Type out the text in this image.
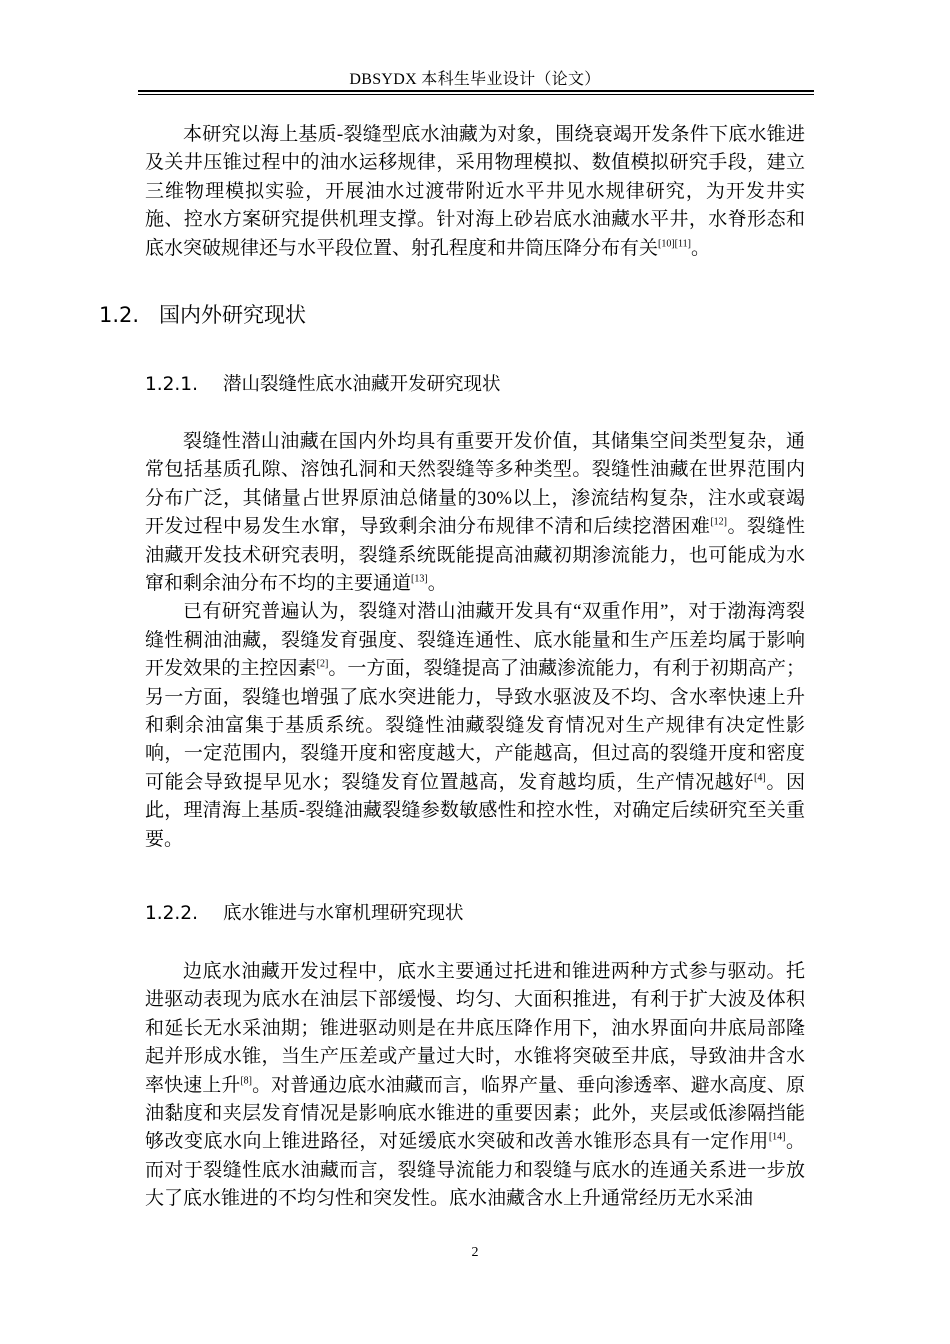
DBSYDX 本科生毕业设计（论文）

本研究以海上基质-裂缝型底水油藏为对象，围绕衰竭开发条件下底水锥进及关井压锥过程中的油水运移规律，采用物理模拟、数值模拟研究手段，建立三维物理模拟实验，开展油水过渡带附近水平井见水规律研究，为开发井实施、控水方案研究提供机理支撑。针对海上砂岩底水油藏水平井，水脊形态和底水突破规律还与水平段位置、射孔程度和井筒压降分布有关[10][11]。

1.2. 国内外研究现状
1.2.1. 潜山裂缝性底水油藏开发研究现状

裂缝性潜山油藏在国内外均具有重要开发价值，其储集空间类型复杂，通常包括基质孔隙、溶蚀孔洞和天然裂缝等多种类型。裂缝性油藏在世界范围内分布广泛，其储量占世界原油总储量的30%以上，渗流结构复杂，注水或衰竭开发过程中易发生水窜，导致剩余油分布规律不清和后续挖潜困难[12]。裂缝性油藏开发技术研究表明，裂缝系统既能提高油藏初期渗流能力，也可能成为水窜和剩余油分布不均的主要通道[13]。

已有研究普遍认为，裂缝对潜山油藏开发具有“双重作用”，对于渤海湾裂缝性稠油油藏，裂缝发育强度、裂缝连通性、底水能量和生产压差均属于影响开发效果的主控因素[2]。一方面，裂缝提高了油藏渗流能力，有利于初期高产；另一方面，裂缝也增强了底水突进能力，导致水驱波及不均、含水率快速上升和剩余油富集于基质系统。裂缝性油藏裂缝发育情况对生产规律有决定性影响，一定范围内，裂缝开度和密度越大，产能越高，但过高的裂缝开度和密度可能会导致提早见水；裂缝发育位置越高，发育越均质，生产情况越好[4]。因此，理清海上基质-裂缝油藏裂缝参数敏感性和控水性，对确定后续研究至关重要。

1.2.2. 底水锥进与水窜机理研究现状

边底水油藏开发过程中，底水主要通过托进和锥进两种方式参与驱动。托进驱动表现为底水在油层下部缓慢、均匀、大面积推进，有利于扩大波及体积和延长无水采油期；锥进驱动则是在井底压降作用下，油水界面向井底局部隆起并形成水锥，当生产压差或产量过大时，水锥将突破至井底，导致油井含水率快速上升[8]。对普通边底水油藏而言，临界产量、垂向渗透率、避水高度、原油黏度和夹层发育情况是影响底水锥进的重要因素；此外，夹层或低渗隔挡能够改变底水向上锥进路径，对延缓底水突破和改善水锥形态具有一定作用[14]。而对于裂缝性底水油藏而言，裂缝导流能力和裂缝与底水的连通关系进一步放大了底水锥进的不均匀性和突发性。底水油藏含水上升通常经历无水采油

2
